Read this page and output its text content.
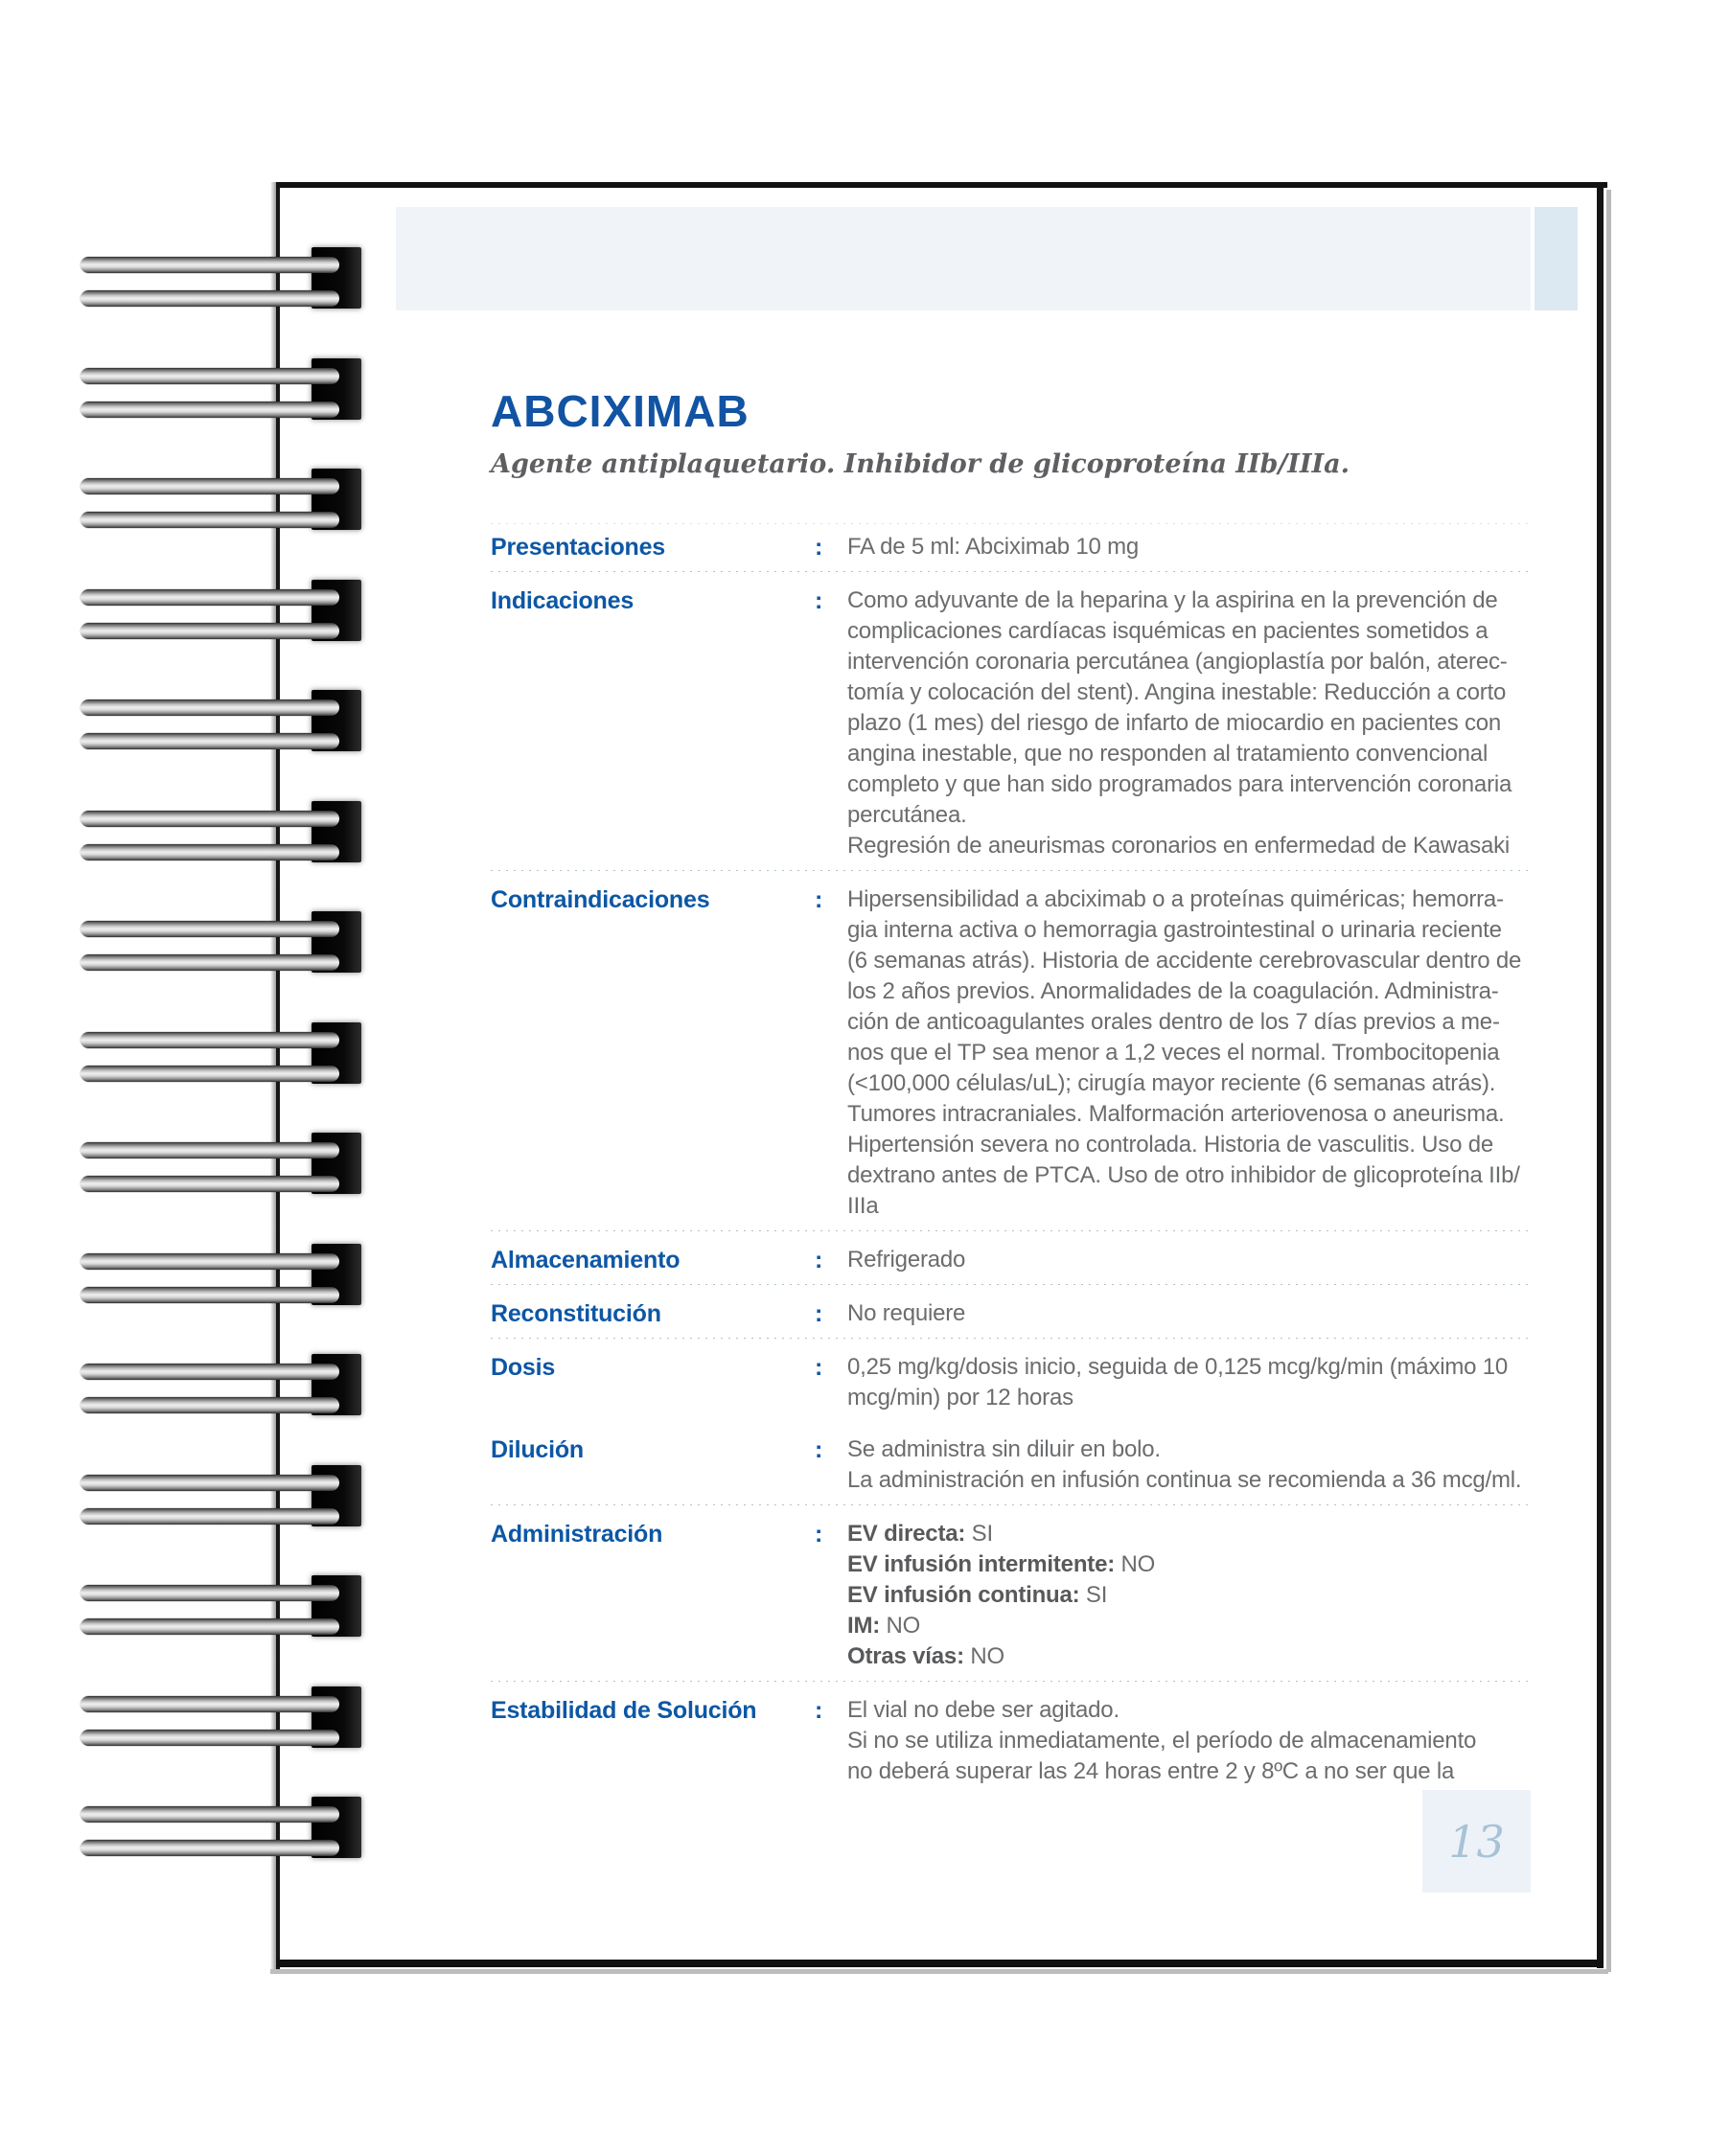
ABCIXIMAB
Agente antiplaquetario. Inhibidor de glicoproteína IIb/IIIa.
Presentaciones	:	FA de 5 ml: Abciximab 10 mg
Indicaciones	:	Como adyuvante de la heparina y la aspirina en la prevención de
complicaciones cardíacas isquémicas en pacientes sometidos a
intervención coronaria percutánea (angioplastía por balón, aterec-
tomía y colocación del stent). Angina inestable: Reducción a corto
plazo (1 mes) del riesgo de infarto de miocardio en pacientes con
angina inestable, que no responden al tratamiento convencional
completo y que han sido programados para intervención coronaria
percutánea.
Regresión de aneurismas coronarios en enfermedad de Kawasaki
Contraindicaciones	:	Hipersensibilidad a abciximab o a proteínas quiméricas; hemorra-
gia interna activa o hemorragia gastrointestinal o urinaria reciente
(6 semanas atrás). Historia de accidente cerebrovascular dentro de
los 2 años previos. Anormalidades de la coagulación. Administra-
ción de anticoagulantes orales dentro de los 7 días previos a me-
nos que el TP sea menor a 1,2 veces el normal. Trombocitopenia
(<100,000 células/uL); cirugía mayor reciente (6 semanas atrás).
Tumores intracraniales. Malformación arteriovenosa o aneurisma.
Hipertensión severa no controlada. Historia de vasculitis. Uso de
dextrano antes de PTCA. Uso de otro inhibidor de glicoproteína IIb/
IIIa
Almacenamiento	:	Refrigerado
Reconstitución	:	No requiere
Dosis	:	0,25 mg/kg/dosis inicio, seguida de 0,125 mcg/kg/min (máximo 10
mcg/min) por 12 horas
Dilución	:	Se administra sin diluir en bolo.
La administración en infusión continua se recomienda a 36 mcg/ml.
Administración	:	EV directa: SI
EV infusión intermitente: NO
EV infusión continua: SI
IM: NO
Otras vías: NO
Estabilidad de Solución	:	El vial no debe ser agitado.
Si no se utiliza inmediatamente, el período de almacenamiento
no deberá superar las 24 horas entre 2 y 8ºC a no ser que la
13
